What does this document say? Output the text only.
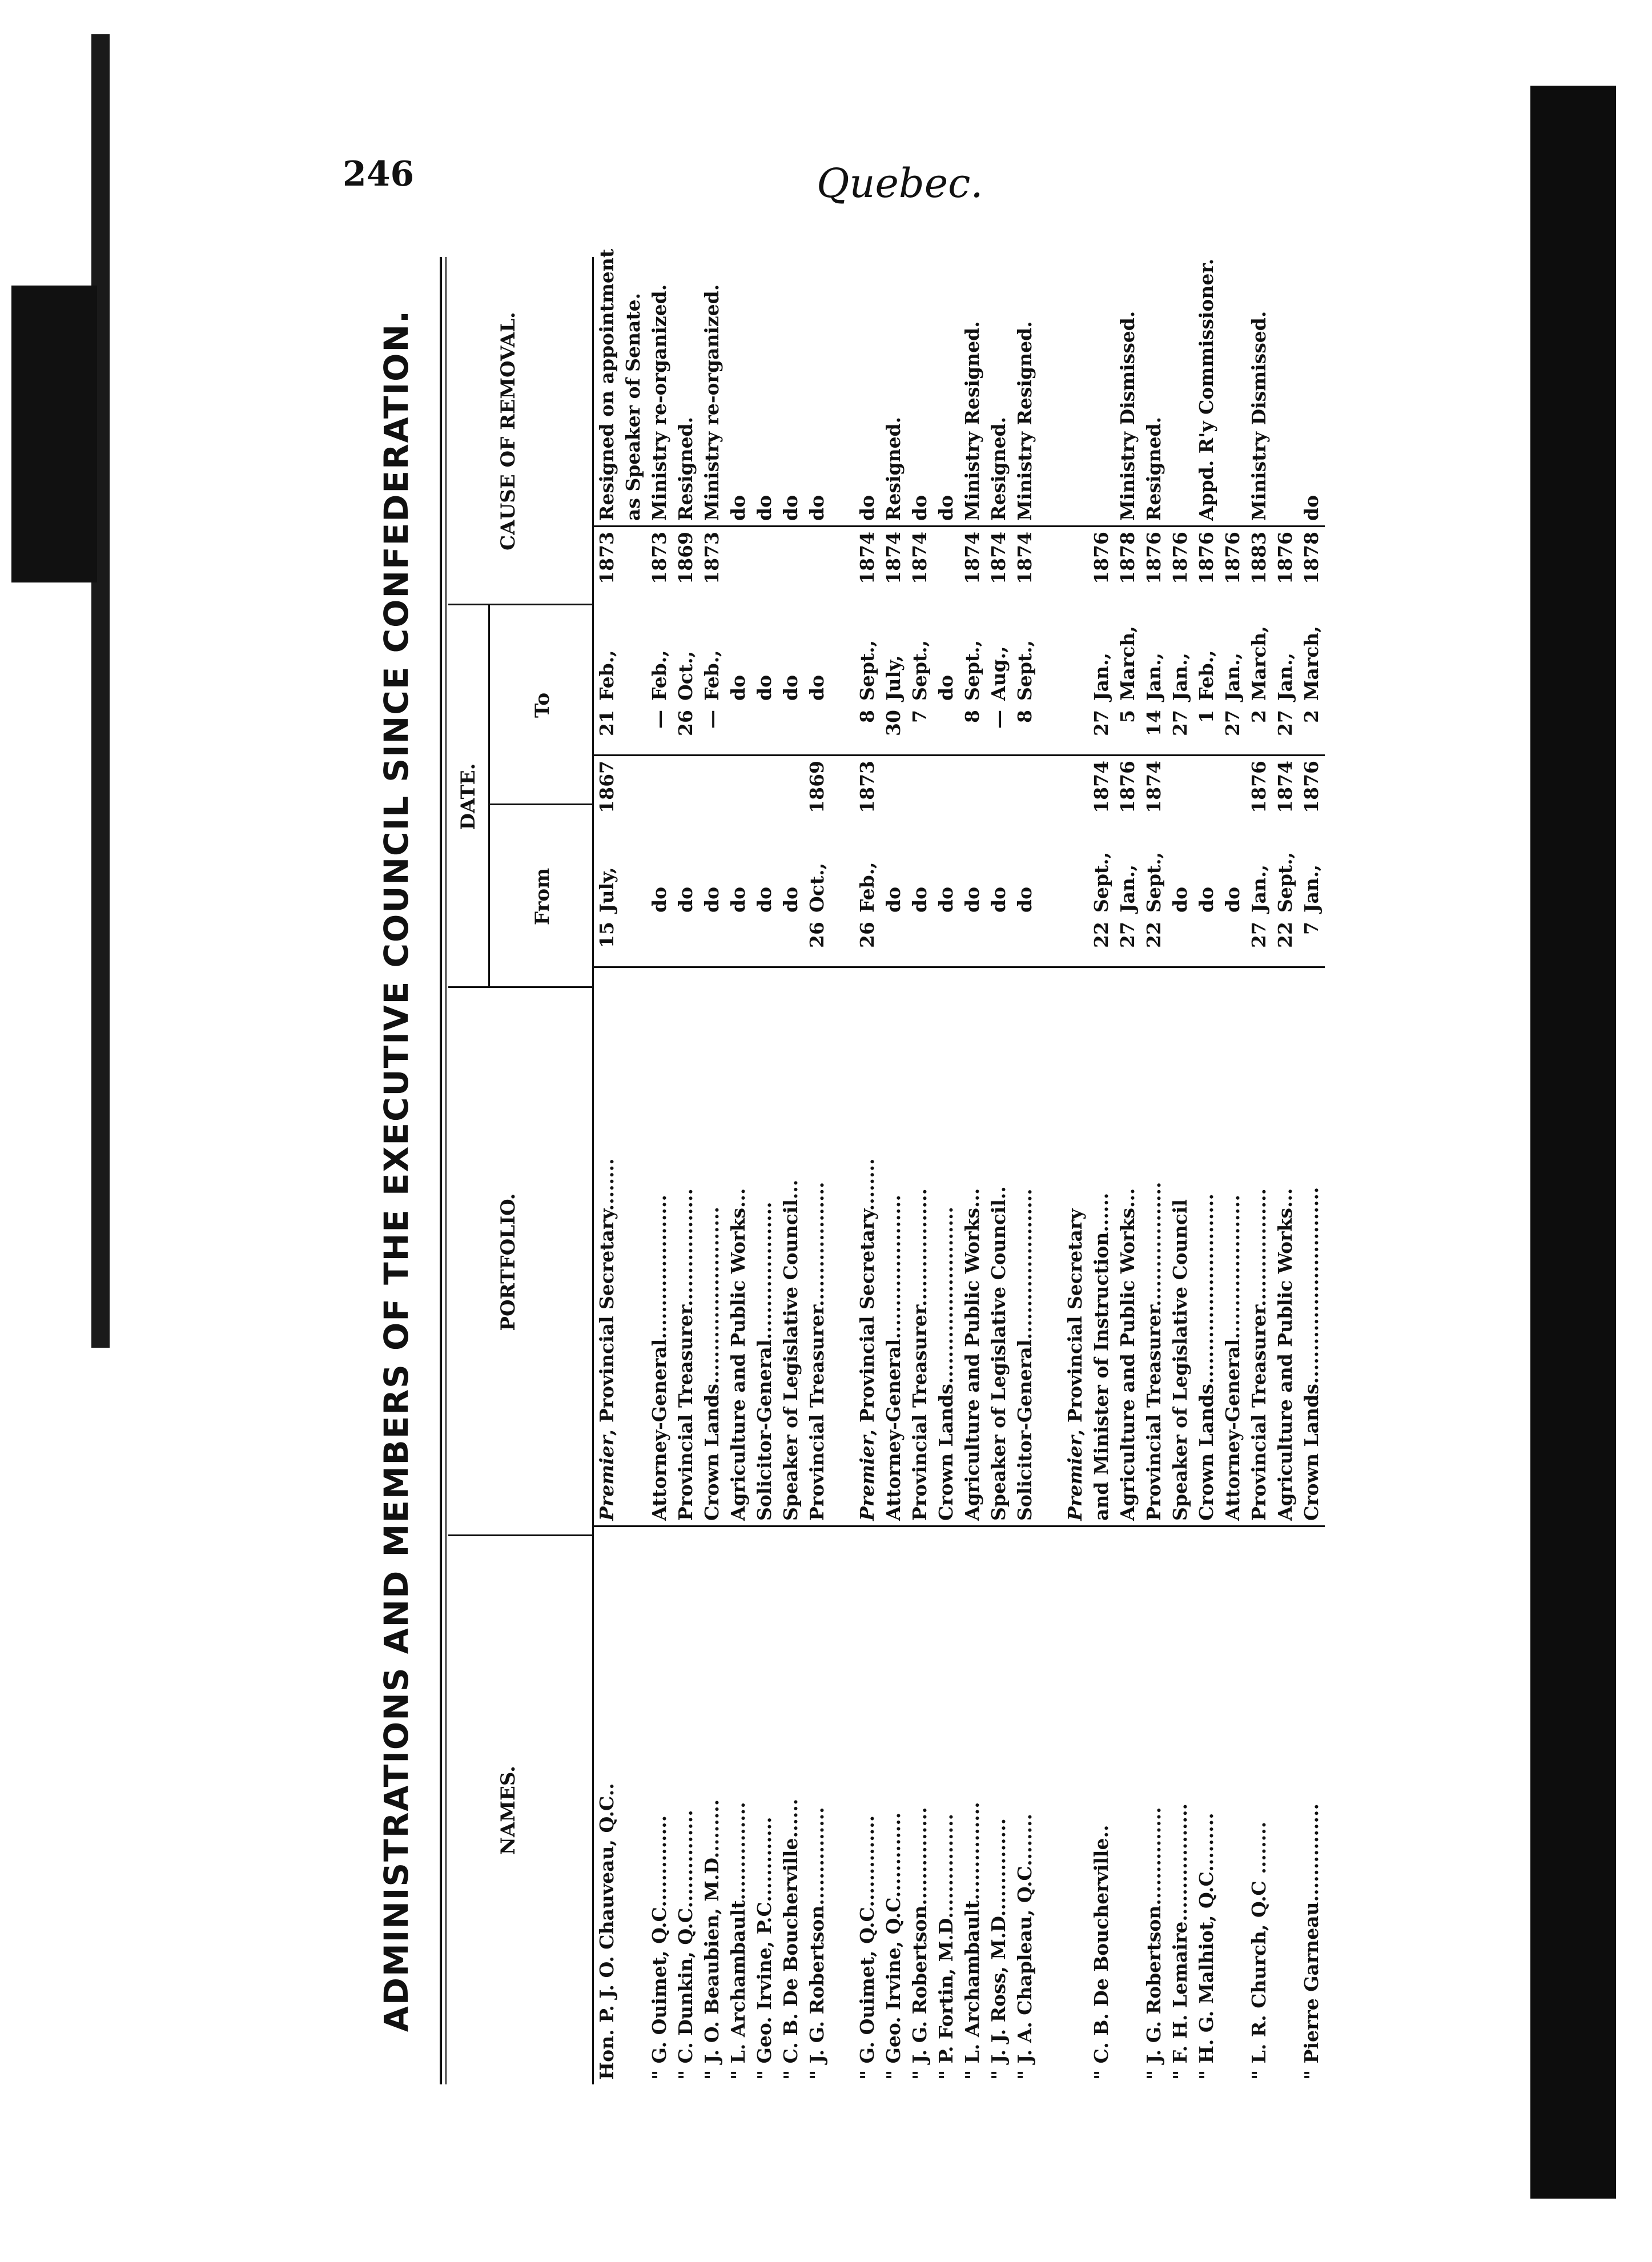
246	Quebec.
ADMINISTRATIONS AND MEMBERS OF THE EXECUTIVE COUNCIL SINCE CONFEDERATION.	NAMES.
PORTFOLIO.
DATE.
From
To
CAUSE OF REMOVAL.
Hon. P. J. O. Chauveau, Q.C..	Premier, Provincial Secretary........	15	July,	1867	21	Feb.,	1873	Resigned on appointment
								as Speaker of Senate.
" G. Ouimet, Q.C..............	Attorney-General......................		do		—	Feb.,	1873	Ministry re-organized.
" C. Dunkin, Q.C...............	Provincial Treasurer..................		do		26	Oct.,	1869	Resigned.
" J. O. Beaubien, M.D.........	Crown Lands...........................		do		—	Feb.,	1873	Ministry re-organized.
" L. Archambault...............	Agriculture and Public Works...		do			do		do
" Geo. Irvine, P.C.............	Solicitor-General.....................		do			do		do
" C. B. De Boucherville......	Speaker of Legislative Council...		do			do		do
" J. G. Robertson...............	Provincial Treasurer...................	26	Oct.,	1869		do		do

" G. Ouimet, Q.C..............	Premier, Provincial Secretary........	26	Feb.,	1873	8	Sept.,	1874	do
" Geo. Irvine, Q.C.............	Attorney-General......................		do		30	July,	1874	Resigned.
" J. G. Robertson...............	Provincial Treasurer..................		do		7	Sept.,	1874	do
" P. Fortin, M.D................	Crown Lands...........................		do			do		do
" L. Archambault...............	Agriculture and Public Works...		do		8	Sept.,	1874	Ministry Resigned.
" J. J. Ross, M.D...............	Speaker of Legislative Council..		do		—	Aug.,	1874	Resigned.
" J. A. Chapleau, Q.C........	Solicitor-General.......................		do		8	Sept.,	1874	Ministry Resigned.

	Premier, Provincial Secretary							
" C. B. De Boucherville..	and Minister of Instruction......	22	Sept.,	1874	27	Jan.,	1876	
	Agriculture and Public Works...	27	Jan.,	1876	5	March,	1878	Ministry Dismissed.
" J. G. Robertson...............	Provincial Treasurer...................	22	Sept.,	1874	14	Jan.,	1876	Resigned.
" F. H. Lemaire..................	Speaker of Legislative Council		do		27	Jan.,	1876	
" H. G. Malhiot, Q.C.........	Crown Lands.............................		do		1	Feb.,	1876	Appd. R'y Commissioner.
	Attorney-General......................		do		27	Jan.,	1876	
" L. R. Church, Q.C ........	Provincial Treasurer..................	27	Jan.,	1876	2	March,	1883	Ministry Dismissed.
	Agriculture and Public Works...	22	Sept.,	1874	27	Jan.,	1876	
" Pierre Garneau...............	Crown Lands..............................	7	Jan.,	1876	2	March,	1878	do
